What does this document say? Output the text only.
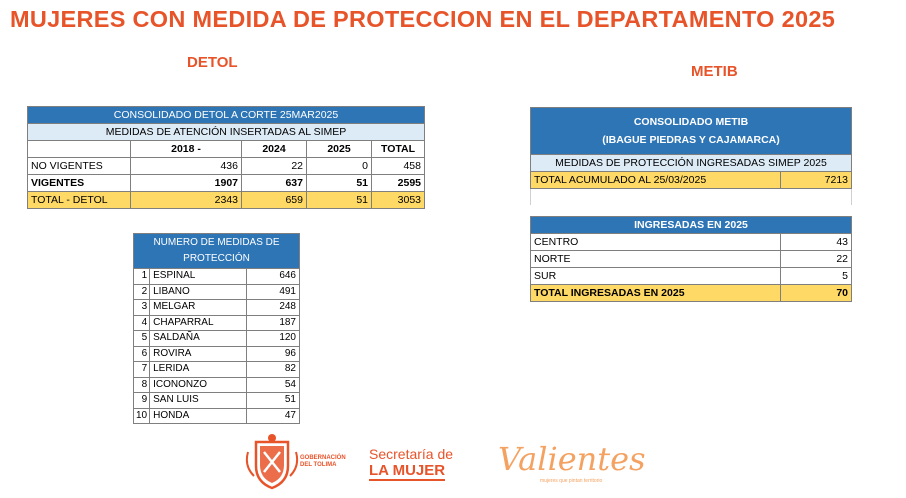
MUJERES CON MEDIDA DE PROTECCION EN EL DEPARTAMENTO 2025
DETOL
METIB
CONSOLIDADO DETOL A CORTE 25MAR2025				
MEDIDAS DE ATENCIÓN INSERTADAS AL SIMEP				
	2018 -	2024	2025	TOTAL
NO VIGENTES	436	22	0	458
VIGENTES	1907	637	51	2595
TOTAL - DETOL	2343	659	51	3053
NUMERO DE MEDIDAS DE
PROTECCIÓN		
1	ESPINAL	646
2	LIBANO	491
3	MELGAR	248
4	CHAPARRAL	187
5	SALDAÑA	120
6	ROVIRA	96
7	LERIDA	82
8	ICONONZO	54
9	SAN LUIS	51
10	HONDA	47
CONSOLIDADO METIB
(IBAGUE PIEDRAS Y CAJAMARCA)
MEDIDAS DE PROTECCIÓN INGRESADAS SIMEP 2025
TOTAL ACUMULADO AL 25/03/2025	7213

INGRESADAS EN 2025	
CENTRO	43
NORTE	22
SUR	5
TOTAL INGRESADAS EN 2025	70
GOBERNACIÓN
DEL TOLIMA
Secretaría de
LA MUJER Valientes
mujeres que pintan territorio
